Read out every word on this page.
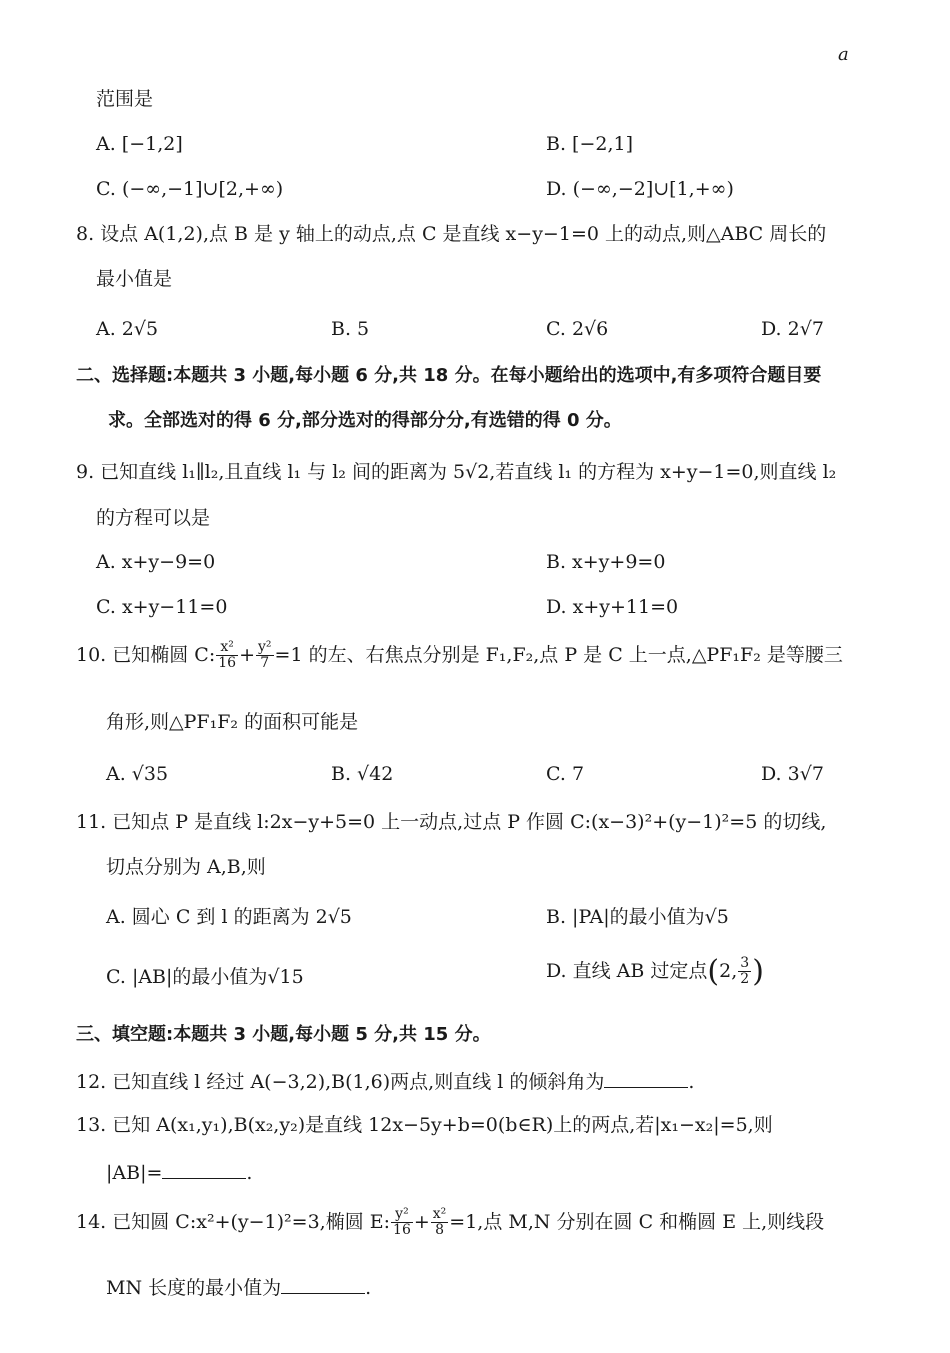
a
范围是
A. [−1,2]	B. [−2,1]
C. (−∞,−1]∪[2,+∞)	D. (−∞,−2]∪[1,+∞)
8. 设点 A(1,2),点 B 是 y 轴上的动点,点 C 是直线 x−y−1=0 上的动点,则△ABC 周长的
最小值是
A. 2√5	B. 5	C. 2√6	D. 2√7
二、选择题:本题共 3 小题,每小题 6 分,共 18 分。在每小题给出的选项中,有多项符合题目要
求。全部选对的得 6 分,部分选对的得部分分,有选错的得 0 分。
9. 已知直线 l₁∥l₂,且直线 l₁ 与 l₂ 间的距离为 5√2,若直线 l₁ 的方程为 x+y−1=0,则直线 l₂
的方程可以是
A. x+y−9=0	B. x+y+9=0
C. x+y−11=0	D. x+y+11=0
10. 已知椭圆 C: $\frac{\text{x²}}{16} + \frac{\text{y²}}{7} =1$ 的左、右焦点分别是 F₁,F₂,点 P 是 C 上一点,△PF₁F₂ 是等腰三
角形,则△PF₁F₂ 的面积可能是
A. √35	B. √42	C. 7	D. 3√7
11. 已知点 P 是直线 l:2x−y+5=0 上一动点,过点 P 作圆 C:(x−3)²+(y−1)²=5 的切线,
切点分别为 A,B,则
A. 圆心 C 到 l 的距离为 2√5	B. |PA|的最小值为√5
C. |AB|的最小值为√15	D. 直线 AB 过定点(2, $\frac{3}{2}$ )
三、填空题:本题共 3 小题,每小题 5 分,共 15 分。
12. 已知直线 l 经过 A(−3,2),B(1,6)两点,则直线 l 的倾斜角为	.
13. 已知 A(x₁,y₁),B(x₂,y₂)是直线 12x−5y+b=0(b∈R)上的两点,若|x₁−x₂|=5,则
|AB|=	.
14. 已知圆 C:x²+(y−1)²=3,椭圆 E: $\frac{\text{y²}}{16} + \frac{\text{x²}}{8} =1$,点 M,N 分别在圆 C 和椭圆 E 上,则线段
MN 长度的最小值为	.
